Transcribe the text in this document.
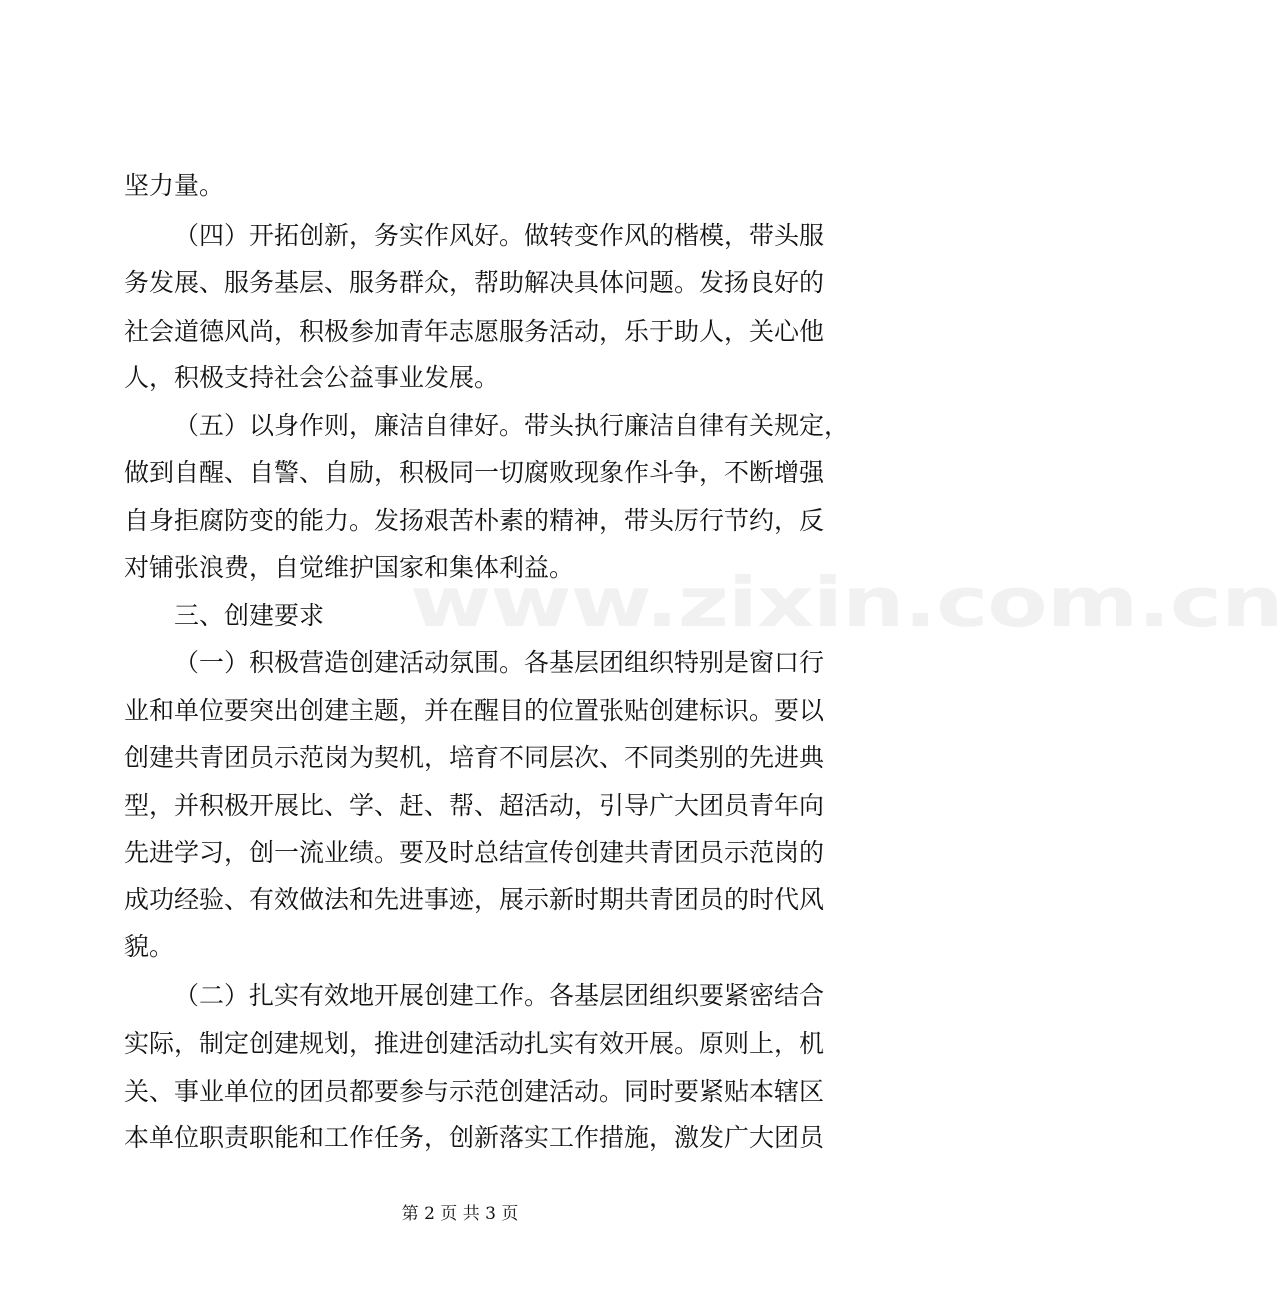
坚力量。
（四）开拓创新，务实作风好。做转变作风的楷模，带头服
务发展、服务基层、服务群众，帮助解决具体问题。发扬良好的
社会道德风尚，积极参加青年志愿服务活动，乐于助人，关心他
人，积极支持社会公益事业发展。
（五）以身作则，廉洁自律好。带头执行廉洁自律有关规定，
做到自醒、自警、自励，积极同一切腐败现象作斗争，不断增强
自身拒腐防变的能力。发扬艰苦朴素的精神，带头厉行节约，反
对铺张浪费，自觉维护国家和集体利益。
三、创建要求
（一）积极营造创建活动氛围。各基层团组织特别是窗口行
业和单位要突出创建主题，并在醒目的位置张贴创建标识。要以
创建共青团员示范岗为契机，培育不同层次、不同类别的先进典
型，并积极开展比、学、赶、帮、超活动，引导广大团员青年向
先进学习，创一流业绩。要及时总结宣传创建共青团员示范岗的
成功经验、有效做法和先进事迹，展示新时期共青团员的时代风
貌。
（二）扎实有效地开展创建工作。各基层团组织要紧密结合
实际，制定创建规划，推进创建活动扎实有效开展。原则上，机
关、事业单位的团员都要参与示范创建活动。同时要紧贴本辖区
本单位职责职能和工作任务，创新落实工作措施，激发广大团员
www.zixin.com.cn
第 2 页 共 3 页
